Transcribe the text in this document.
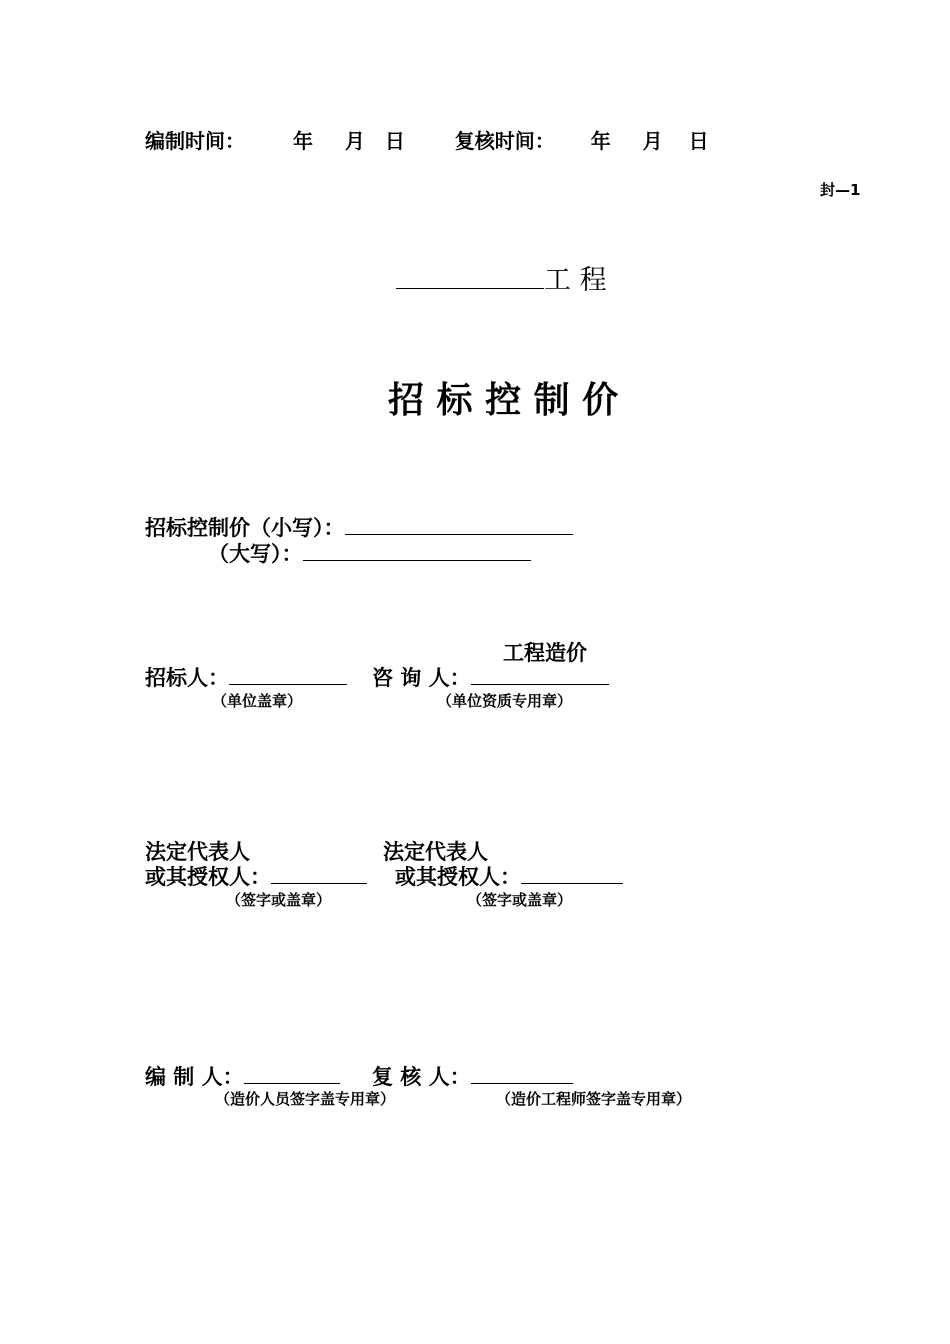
编制时间： 年 月 日 复核时间： 年 月 日
封—1
工 程
招 标 控 制 价
招标控制价（小写）：
（大写）：
工程造价
招标人：	咨 询 人：
（单位盖章）	（单位资质专用章）
法定代表人
或其授权人：
（签字或盖章）
法定代表人
或其授权人：
（签字或盖章）
编 制 人：	复 核 人：
（造价人员签字盖专用章）	（造价工程师签字盖专用章）
